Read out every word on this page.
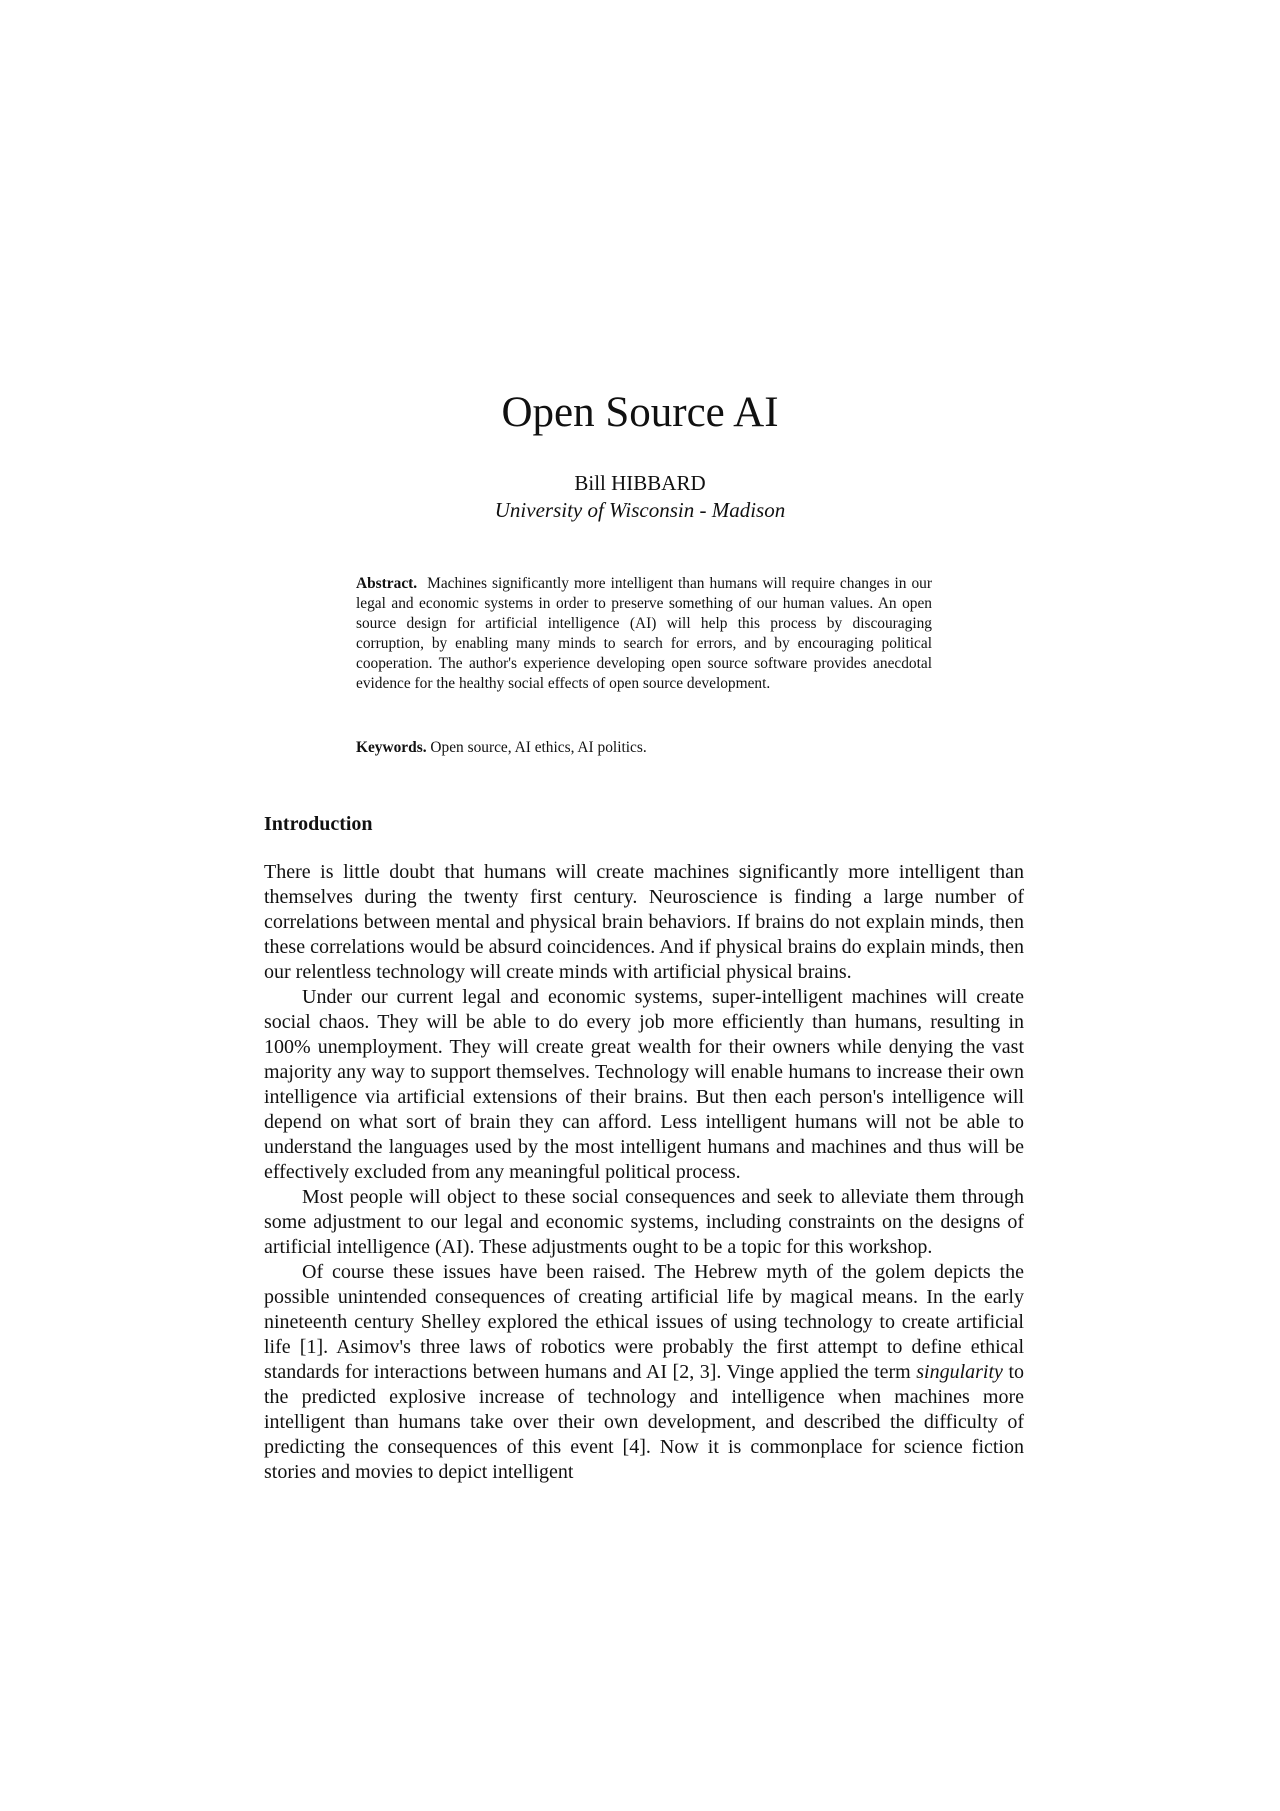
Open Source AI
Bill HIBBARD
University of Wisconsin - Madison

Abstract. Machines significantly more intelligent than humans will require changes in our legal and economic systems in order to preserve something of our human values. An open source design for artificial intelligence (AI) will help this process by discouraging corruption, by enabling many minds to search for errors, and by encouraging political cooperation. The author's experience developing open source software provides anecdotal evidence for the healthy social effects of open source development.

Keywords. Open source, AI ethics, AI politics.

Introduction

There is little doubt that humans will create machines significantly more intelligent than themselves during the twenty first century. Neuroscience is finding a large number of correlations between mental and physical brain behaviors. If brains do not explain minds, then these correlations would be absurd coincidences. And if physical brains do explain minds, then our relentless technology will create minds with artificial physical brains.

Under our current legal and economic systems, super-intelligent machines will create social chaos. They will be able to do every job more efficiently than humans, resulting in 100% unemployment. They will create great wealth for their owners while denying the vast majority any way to support themselves. Technology will enable humans to increase their own intelligence via artificial extensions of their brains. But then each person's intelligence will depend on what sort of brain they can afford. Less intelligent humans will not be able to understand the languages used by the most intelligent humans and machines and thus will be effectively excluded from any meaningful political process.

Most people will object to these social consequences and seek to alleviate them through some adjustment to our legal and economic systems, including constraints on the designs of artificial intelligence (AI). These adjustments ought to be a topic for this workshop.

Of course these issues have been raised. The Hebrew myth of the golem depicts the possible unintended consequences of creating artificial life by magical means. In the early nineteenth century Shelley explored the ethical issues of using technology to create artificial life [1]. Asimov's three laws of robotics were probably the first attempt to define ethical standards for interactions between humans and AI [2, 3]. Vinge applied the term singularity to the predicted explosive increase of technology and intelligence when machines more intelligent than humans take over their own development, and described the difficulty of predicting the consequences of this event [4]. Now it is commonplace for science fiction stories and movies to depict intelligent
